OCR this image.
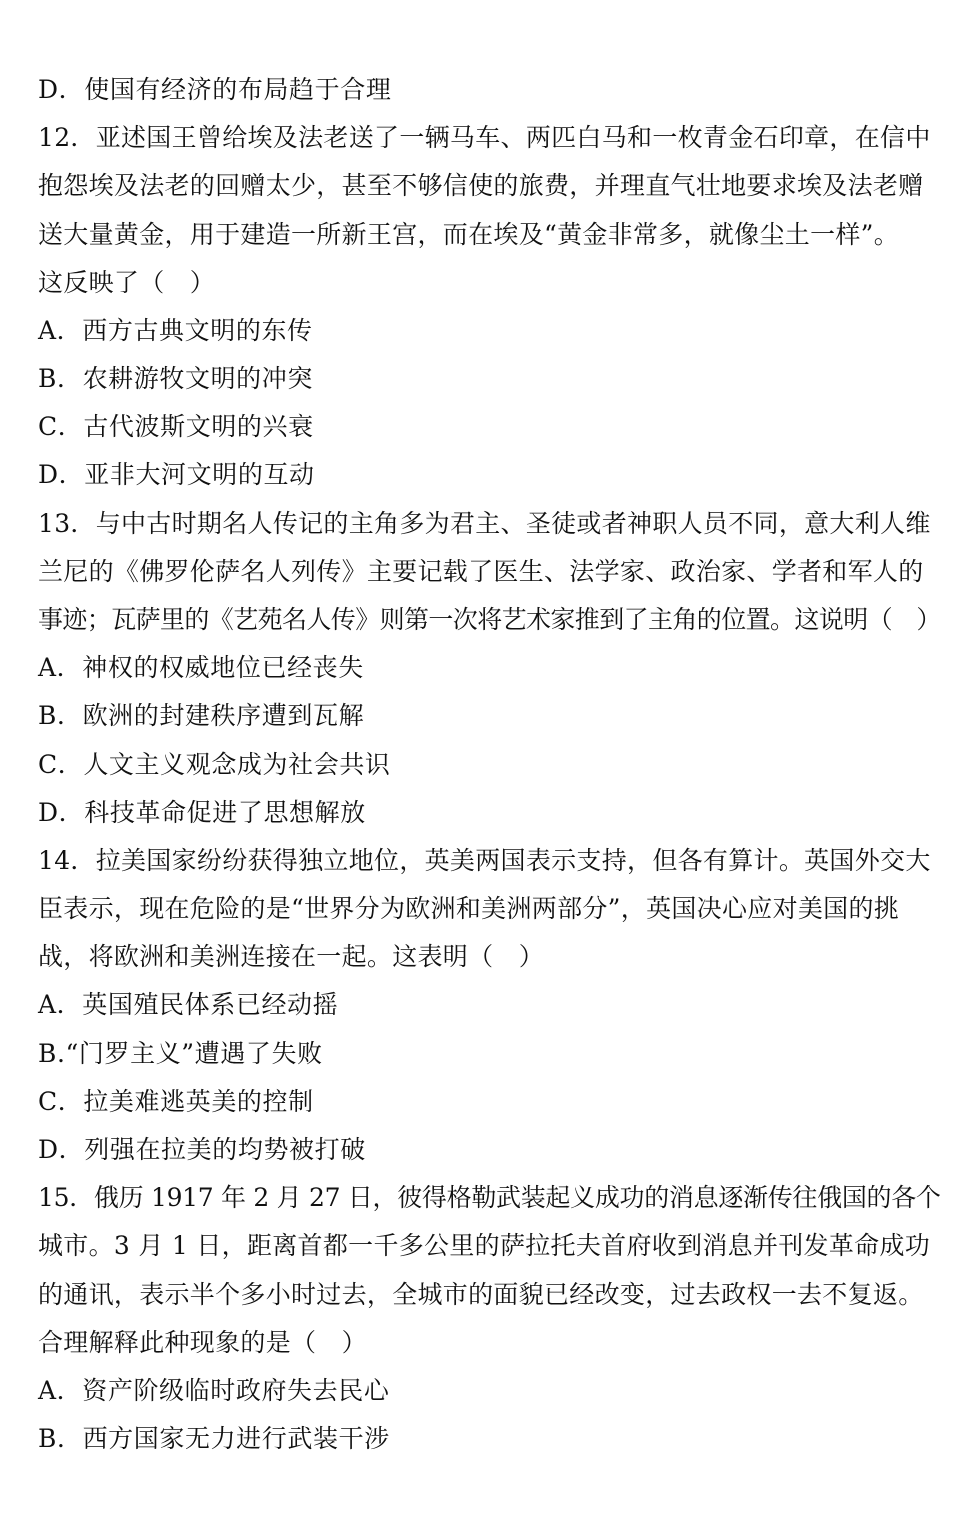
D．使国有经济的布局趋于合理
12．亚述国王曾给埃及法老送了一辆马车、两匹白马和一枚青金石印章，在信中
抱怨埃及法老的回赠太少，甚至不够信使的旅费，并理直气壮地要求埃及法老赠
送大量黄金，用于建造一所新王宫，而在埃及“黄金非常多，就像尘土一样”。
这反映了（　）
A．西方古典文明的东传
B．农耕游牧文明的冲突
C．古代波斯文明的兴衰
D．亚非大河文明的互动
13．与中古时期名人传记的主角多为君主、圣徒或者神职人员不同，意大利人维
兰尼的《佛罗伦萨名人列传》主要记载了医生、法学家、政治家、学者和军人的
事迹；瓦萨里的《艺苑名人传》则第一次将艺术家推到了主角的位置。这说明（　）
A．神权的权威地位已经丧失
B．欧洲的封建秩序遭到瓦解
C．人文主义观念成为社会共识
D．科技革命促进了思想解放
14．拉美国家纷纷获得独立地位，英美两国表示支持，但各有算计。英国外交大
臣表示，现在危险的是“世界分为欧洲和美洲两部分”，英国决心应对美国的挑
战，将欧洲和美洲连接在一起。这表明（　）
A．英国殖民体系已经动摇
B.“门罗主义”遭遇了失败
C．拉美难逃英美的控制
D．列强在拉美的均势被打破
15．俄历 1917 年 2 月 27 日，彼得格勒武装起义成功的消息逐渐传往俄国的各个
城市。3 月 1 日，距离首都一千多公里的萨拉托夫首府收到消息并刊发革命成功
的通讯，表示半个多小时过去，全城市的面貌已经改变，过去政权一去不复返。
合理解释此种现象的是（　）
A．资产阶级临时政府失去民心
B．西方国家无力进行武装干涉
